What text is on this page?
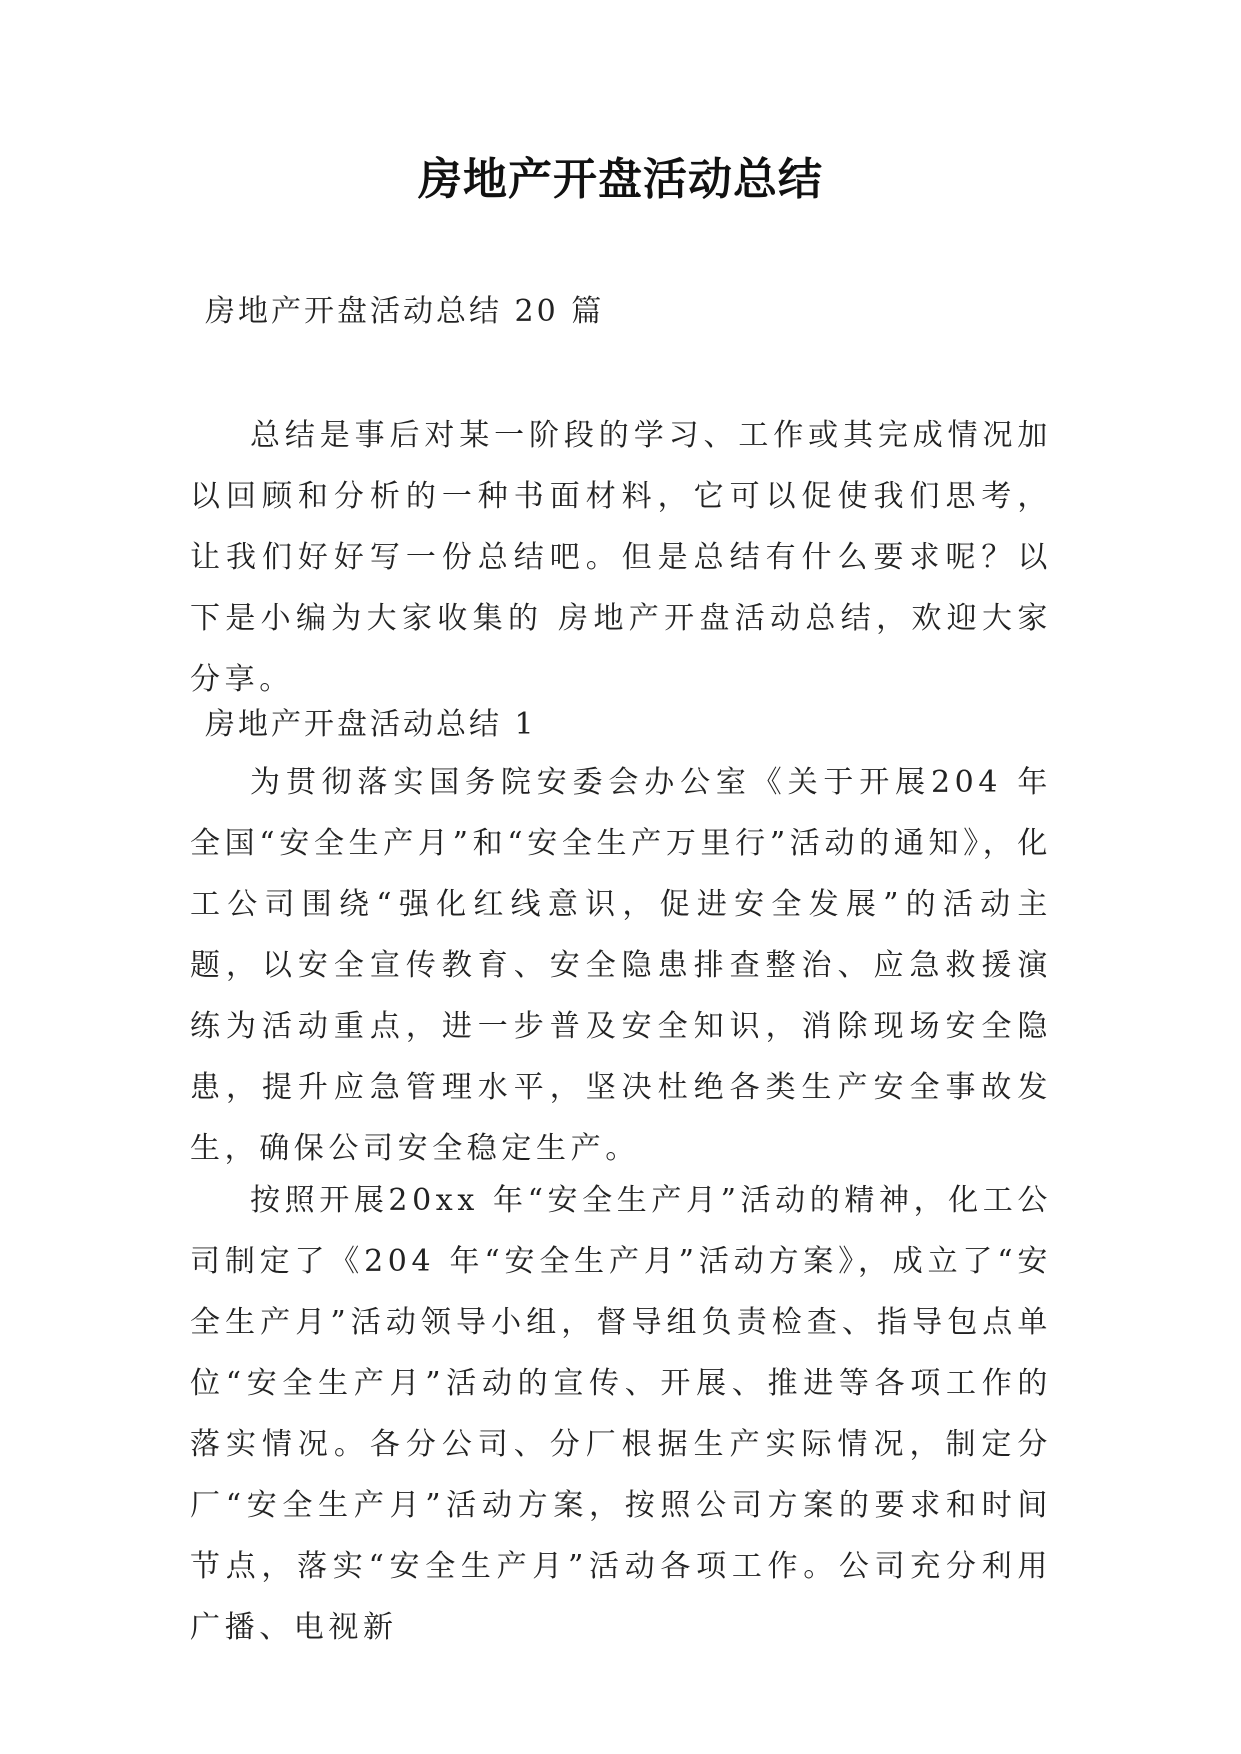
房地产开盘活动总结
房地产开盘活动总结 20 篇

总结是事后对某一阶段的学习、工作或其完成情况加以回顾和分析的一种书面材料，它可以促使我们思考，让我们好好写一份总结吧。但是总结有什么要求呢？以下是小编为大家收集的 房地产开盘活动总结，欢迎大家分享。

房地产开盘活动总结 1

为贯彻落实国务院安委会办公室《关于开展204 年全国“安全生产月”和“安全生产万里行”活动的通知》，化工公司围绕“强化红线意识，促进安全发展”的活动主题，以安全宣传教育、安全隐患排查整治、应急救援演练为活动重点，进一步普及安全知识，消除现场安全隐患，提升应急管理水平，坚决杜绝各类生产安全事故发生，确保公司安全稳定生产。

按照开展20xx 年“安全生产月”活动的精神，化工公司制定了《204 年“安全生产月”活动方案》，成立了“安全生产月”活动领导小组，督导组负责检查、指导包点单位“安全生产月”活动的宣传、开展、推进等各项工作的落实情况。各分公司、分厂根据生产实际情况，制定分厂“安全生产月”活动方案，按照公司方案的要求和时间节点，落实“安全生产月”活动各项工作。公司充分利用广播、电视新
